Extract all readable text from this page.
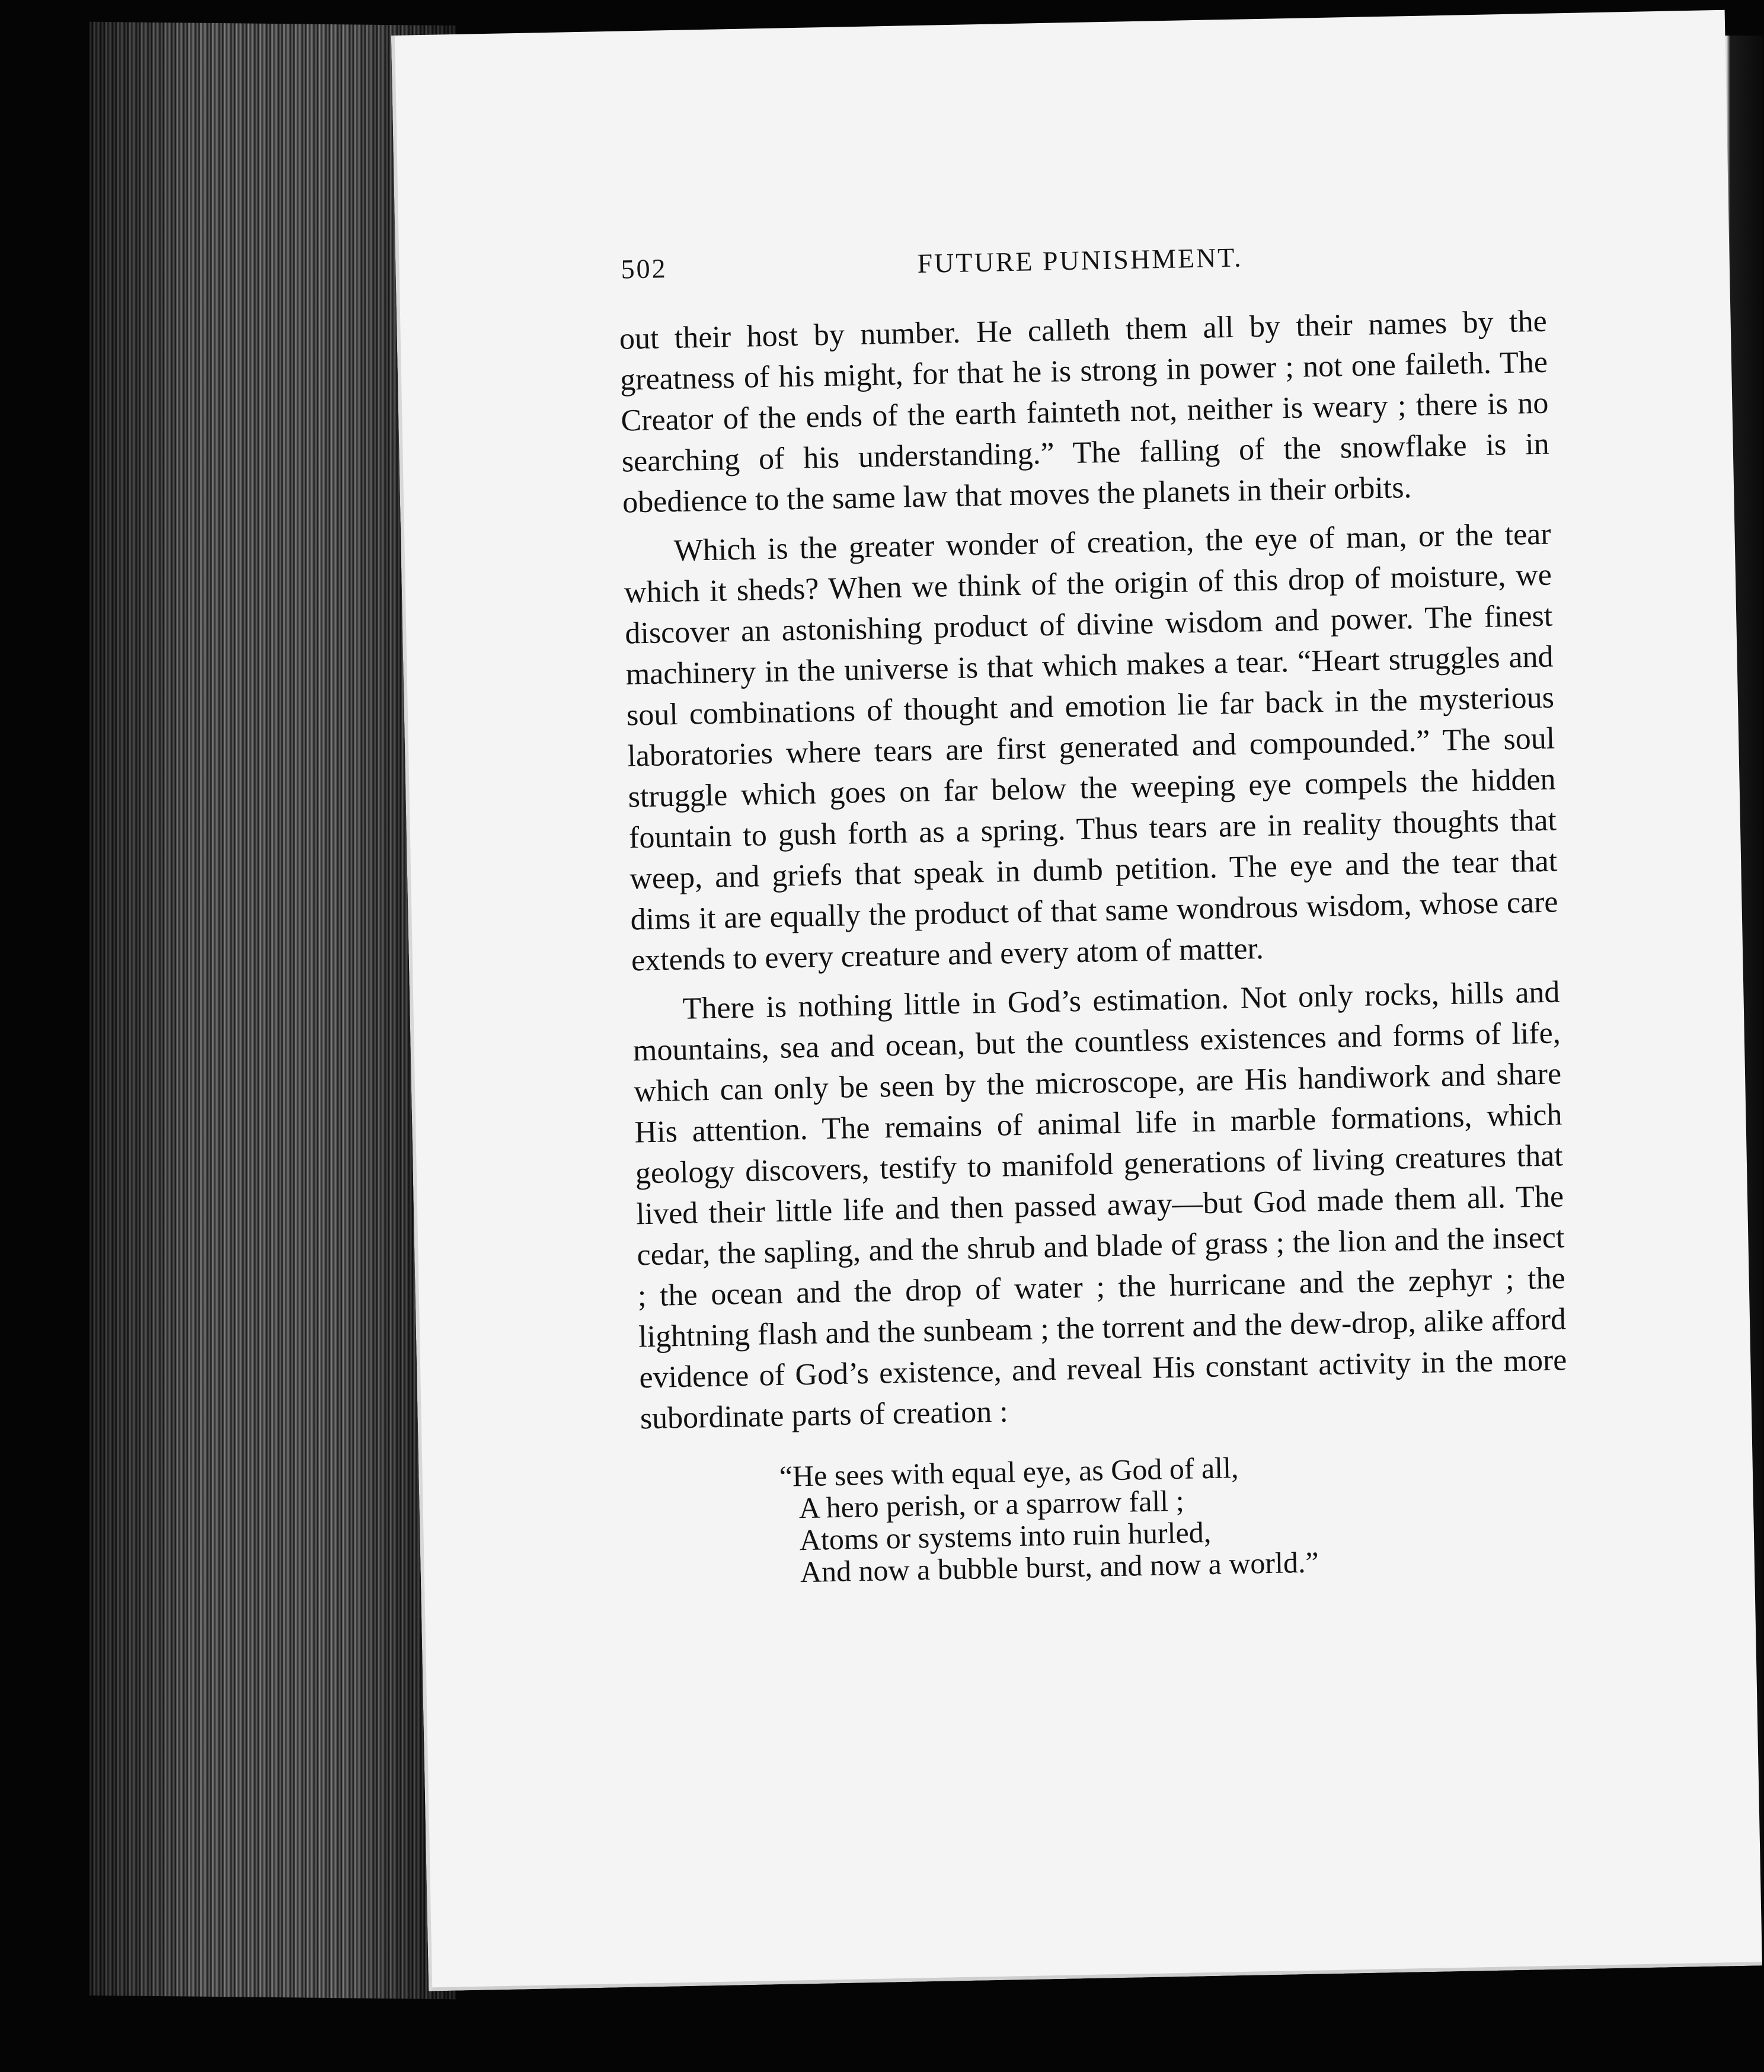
502	FUTURE PUNISHMENT.

out their host by number. He calleth them all by their names by the greatness of his might, for that he is strong in power ; not one faileth. The Creator of the ends of the earth fainteth not, neither is weary ; there is no searching of his understanding.” The falling of the snowflake is in obedience to the same law that moves the planets in their orbits.

Which is the greater wonder of creation, the eye of man, or the tear which it sheds? When we think of the origin of this drop of moisture, we discover an astonishing product of divine wisdom and power. The finest machinery in the universe is that which makes a tear. “Heart struggles and soul combinations of thought and emotion lie far back in the mysterious laboratories where tears are first generated and compounded.” The soul struggle which goes on far below the weeping eye compels the hidden fountain to gush forth as a spring. Thus tears are in reality thoughts that weep, and griefs that speak in dumb petition. The eye and the tear that dims it are equally the product of that same wondrous wisdom, whose care extends to every creature and every atom of matter.

There is nothing little in God’s estimation. Not only rocks, hills and mountains, sea and ocean, but the countless existences and forms of life, which can only be seen by the microscope, are His handiwork and share His attention. The remains of animal life in marble formations, which geology discovers, testify to manifold generations of living creatures that lived their little life and then passed away—but God made them all. The cedar, the sapling, and the shrub and blade of grass ; the lion and the insect ; the ocean and the drop of water ; the hurricane and the zephyr ; the lightning flash and the sunbeam ; the torrent and the dew-drop, alike afford evidence of God’s existence, and reveal His constant activity in the more subordinate parts of creation :

“He sees with equal eye, as God of all,
A hero perish, or a sparrow fall ;
Atoms or systems into ruin hurled,
And now a bubble burst, and now a world.”
